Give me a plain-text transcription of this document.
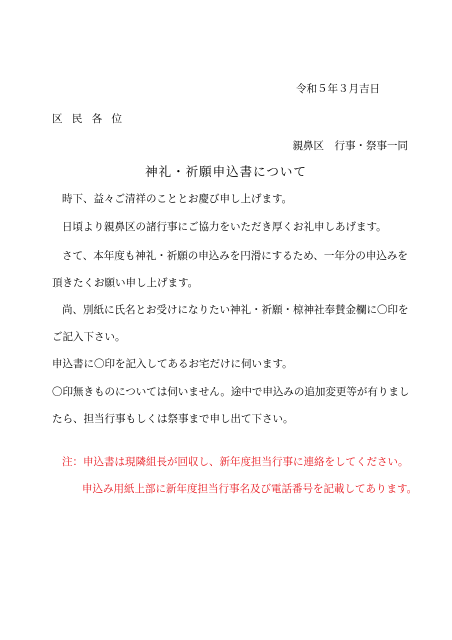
令和５年３月吉日
区 民 各 位
親鼻区　行事・祭事一同
神礼・祈願申込書について
時下、益々ご清祥のこととお慶び申し上げます。
日頃より親鼻区の諸行事にご協力をいただき厚くお礼申しあげます。
さて、本年度も神礼・祈願の申込みを円滑にするため、一年分の申込みを
頂きたくお願い申し上げます。
尚、別紙に氏名とお受けになりたい神礼・祈願・椋神社奉賛金欄に〇印を
ご記入下さい。
申込書に〇印を記入してあるお宅だけに伺います。
〇印無きものについては伺いません。途中で申込みの追加変更等が有りまし
たら、担当行事もしくは祭事まで申し出て下さい。
注：申込書は現隣組長が回収し、新年度担当行事に連絡をしてください。
申込み用紙上部に新年度担当行事名及び電話番号を記載してあります。
